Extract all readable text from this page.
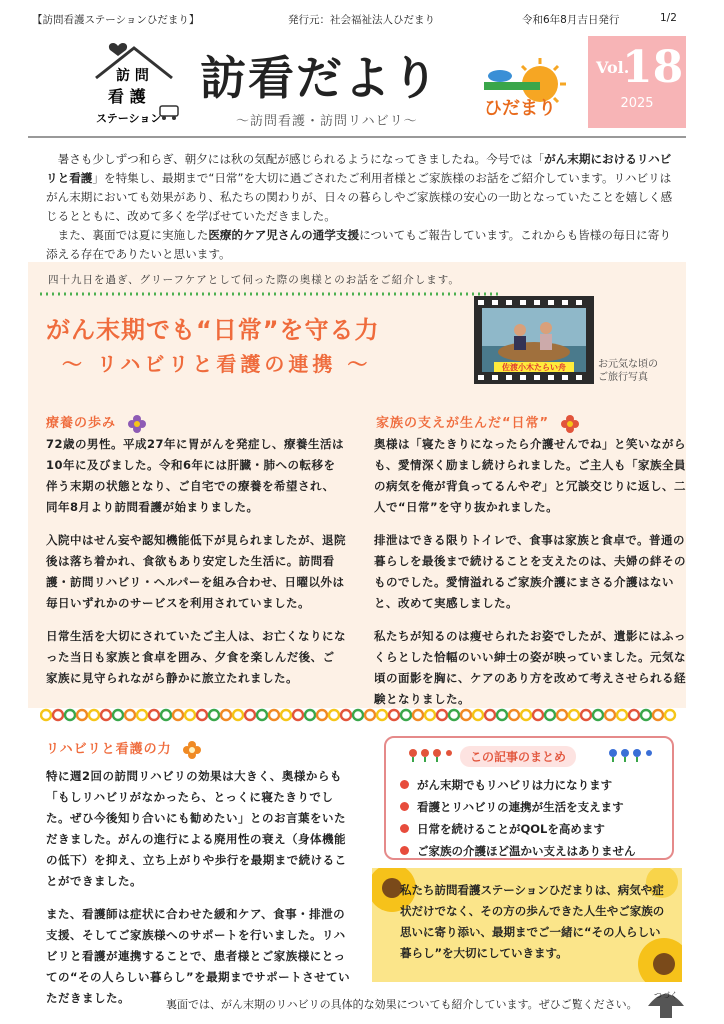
【訪問看護ステーションひだまり】	発行元：社会福祉法人ひだまり	令和6年8月吉日発行	1/2
訪 問
看 護
ステーション
訪看だより
〜訪問看護・訪問リハビリ〜
ひだまり
Vol.
18
2025

暑さも少しずつ和らぎ、朝夕には秋の気配が感じられるようになってきましたね。今号では「がん末期におけるリハビリと看護」を特集し、最期まで“日常”を大切に過ごされたご利用者様とご家族様のお話をご紹介しています。リハビリはがん末期においても効果があり、私たちの関わりが、日々の暮らしやご家族様の安心の一助となっていたことを嬉しく感じるとともに、改めて多くを学ばせていただきました。

また、裏面では夏に実施した医療的ケア児さんの通学支援についてもご報告しています。これからも皆様の毎日に寄り添える存在でありたいと思います。

四十九日を過ぎ、グリーフケアとして伺った際の奥様とのお話をご紹介します。
がん末期でも“日常”を守る力
〜 リハビリと看護の連携 〜	佐渡小木たらい舟	お元気な頃の
ご旅行写真
療養の歩み

72歳の男性。平成27年に胃がんを発症し、療養生活は10年に及びました。令和6年には肝臓・肺への転移を伴う末期の状態となり、ご自宅での療養を希望され、同年8月より訪問看護が始まりました。

入院中はせん妄や認知機能低下が見られましたが、退院後は落ち着かれ、食欲もあり安定した生活に。訪問看護・訪問リハビリ・ヘルパーを組み合わせ、日曜以外は毎日いずれかのサービスを利用されていました。

日常生活を大切にされていたご主人は、お亡くなりになった当日も家族と食卓を囲み、夕食を楽しんだ後、ご家族に見守られながら静かに旅立たれました。

家族の支えが生んだ“日常”

奥様は「寝たきりになったら介護せんでね」と笑いながらも、愛情深く励まし続けられました。ご主人も「家族全員の病気を俺が背負ってるんやぞ」と冗談交じりに返し、二人で“日常”を守り抜かれました。

排泄はできる限りトイレで、食事は家族と食卓で。普通の暮らしを最後まで続けることを支えたのは、夫婦の絆そのものでした。愛情溢れるご家族介護にまさる介護はないと、改めて実感しました。

私たちが知るのは痩せられたお姿でしたが、遺影にはふっくらとした恰幅のいい紳士の姿が映っていました。元気な頃の面影を胸に、ケアのあり方を改めて考えさせられる経験となりました。

リハビリと看護の力

特に週2回の訪問リハビリの効果は大きく、奥様からも「もしリハビリがなかったら、とっくに寝たきりでした。ぜひ今後知り合いにも勧めたい」とのお言葉をいただきました。がんの進行による廃用性の衰え（身体機能の低下）を抑え、立ち上がりや歩行を最期まで続けることができました。

また、看護師は症状に合わせた緩和ケア、食事・排泄の支援、そしてご家族様へのサポートを行いました。リハビリと看護が連携することで、患者様とご家族様にとっての“その人らしい暮らし”を最期までサポートさせていただきました。

この記事のまとめ
がん末期でもリハビリは力になります
看護とリハビリの連携が生活を支えます
日常を続けることがQOLを高めます
ご家族の介護ほど温かい支えはありません
私たち訪問看護ステーションひだまりは、病気や症状だけでなく、その方の歩んできた人生やご家族の思いに寄り添い、最期までご一緒に“その人らしい暮らし”を大切にしていきます。
裏面では、がん末期のリハビリの具体的な効果についても紹介しています。ぜひご覧ください。
つづく
